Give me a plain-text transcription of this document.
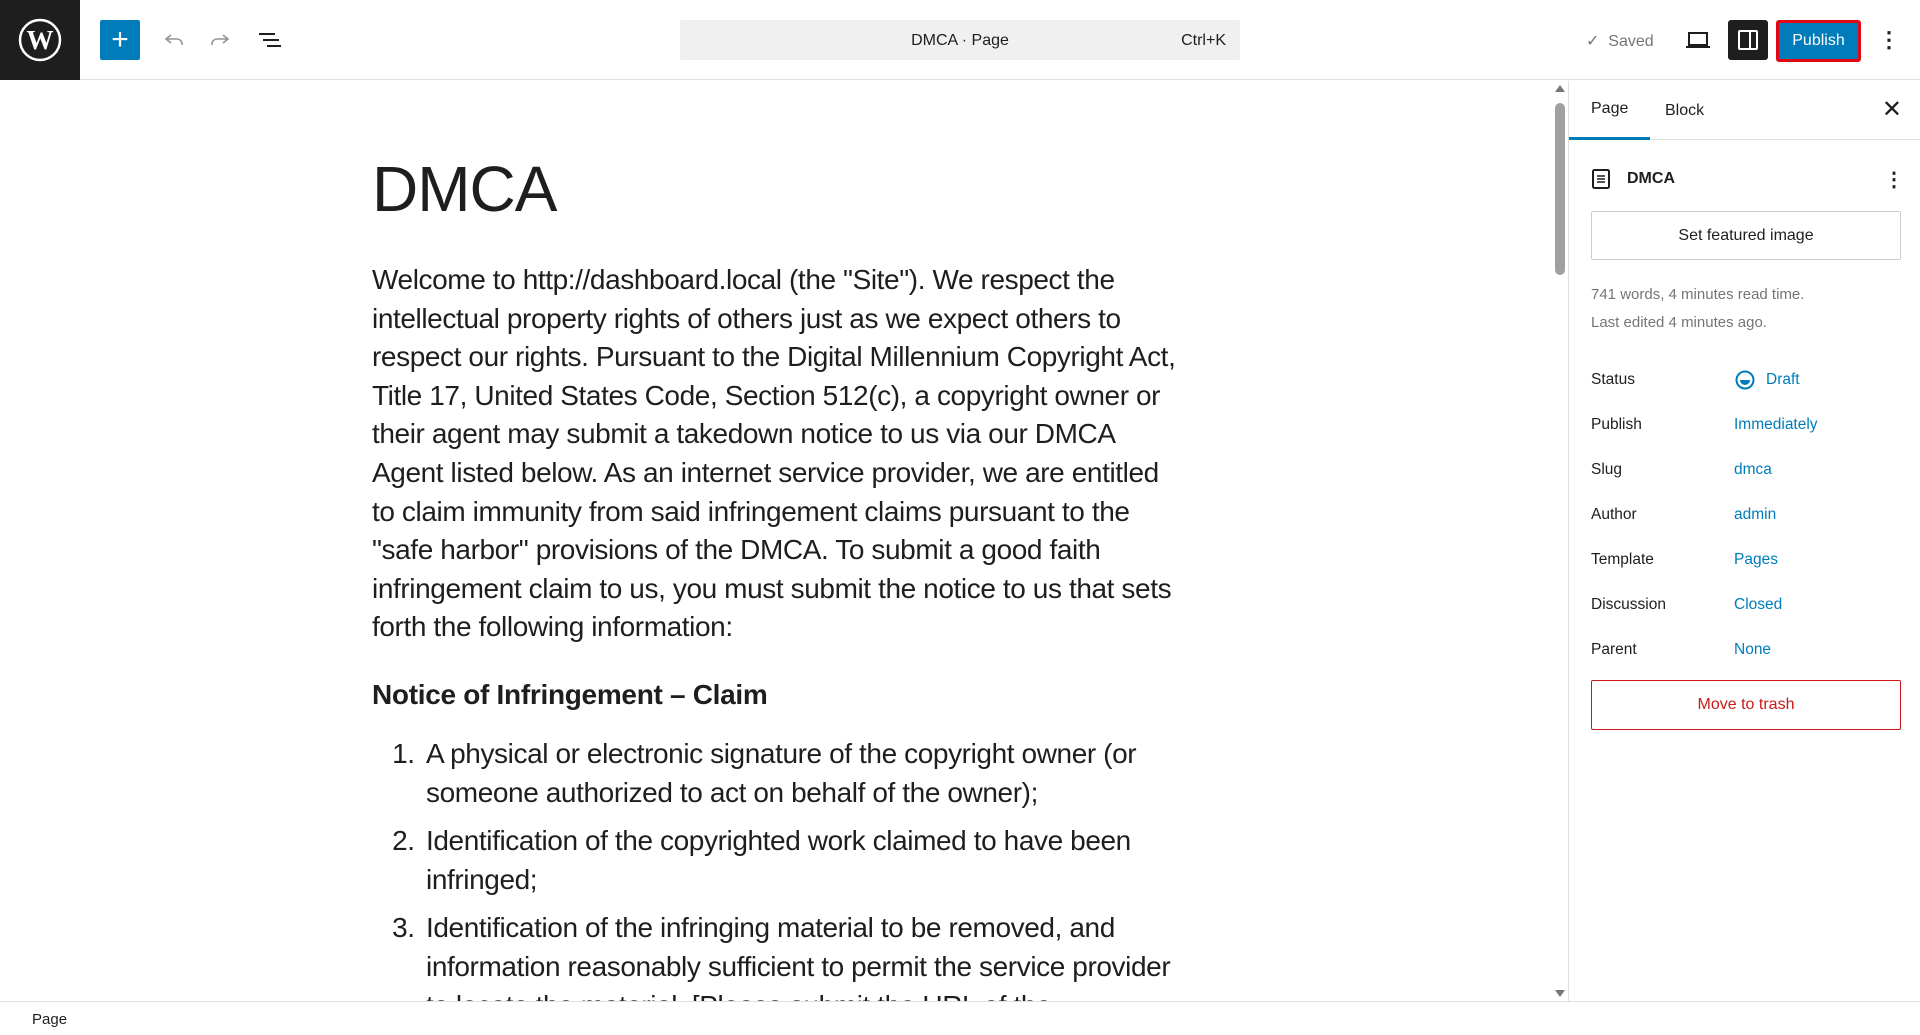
W +	DMCA · Page	Ctrl+K	✓ Saved	Publish	⋮
DMCA

Welcome to http://dashboard.local (the "Site"). We respect the intellectual property rights of others just as we expect others to respect our rights. Pursuant to the Digital Millennium Copyright Act, Title 17, United States Code, Section 512(c), a copyright owner or their agent may submit a takedown notice to us via our DMCA Agent listed below. As an internet service provider, we are entitled to claim immunity from said infringement claims pursuant to the "safe harbor" provisions of the DMCA. To submit a good faith infringement claim to us, you must submit the notice to us that sets forth the following information:

Notice of Infringement – Claim
1. A physical or electronic signature of the copyright owner (or someone authorized to act on behalf of the owner);
2. Identification of the copyrighted work claimed to have been infringed;
3. Identification of the infringing material to be removed, and information reasonably sufficient to permit the service provider
Page	Block	✕
DMCA	⋮
Set featured image
741 words, 4 minutes read time.
Last edited 4 minutes ago.
Status	Draft
Publish	Immediately
Slug	dmca
Author	admin
Template	Pages
Discussion	Closed
Parent	None
Move to trash
Page
